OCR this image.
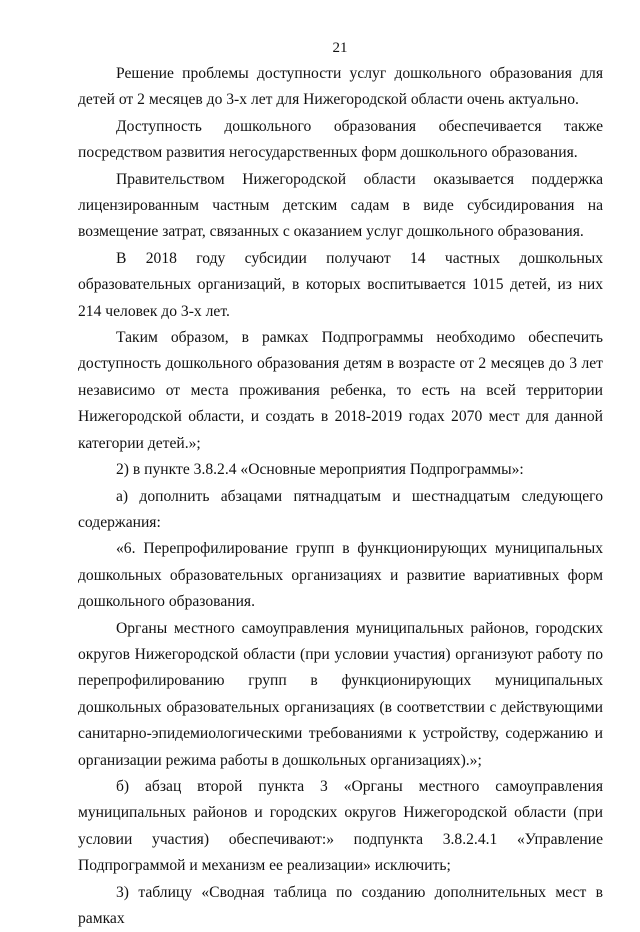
21

Решение проблемы доступности услуг дошкольного образования для детей от 2 месяцев до 3-х лет для Нижегородской области очень актуально.

Доступность дошкольного образования обеспечивается также посредством развития негосударственных форм дошкольного образования.

Правительством Нижегородской области оказывается поддержка лицензированным частным детским садам в виде субсидирования на возмещение затрат, связанных с оказанием услуг дошкольного образования.

В 2018 году субсидии получают 14 частных дошкольных образовательных организаций, в которых воспитывается 1015 детей, из них 214 человек до 3-х лет.

Таким образом, в рамках Подпрограммы необходимо обеспечить доступность дошкольного образования детям в возрасте от 2 месяцев до 3 лет независимо от места проживания ребенка, то есть на всей территории Нижегородской области, и создать в 2018-2019 годах 2070 мест для данной категории детей.»;

2) в пункте 3.8.2.4 «Основные мероприятия Подпрограммы»:

а) дополнить абзацами пятнадцатым и шестнадцатым следующего содержания:

«6. Перепрофилирование групп в функционирующих муниципальных дошкольных образовательных организациях и развитие вариативных форм дошкольного образования.

Органы местного самоуправления муниципальных районов, городских округов Нижегородской области (при условии участия) организуют работу по перепрофилированию групп в функционирующих муниципальных дошкольных образовательных организациях (в соответствии с действующими санитарно-эпидемиологическими требованиями к устройству, содержанию и организации режима работы в дошкольных организациях).»;

б) абзац второй пункта 3 «Органы местного самоуправления муниципальных районов и городских округов Нижегородской области (при условии участия) обеспечивают:» подпункта 3.8.2.4.1 «Управление Подпрограммой и механизм ее реализации» исключить;

3) таблицу «Сводная таблица по созданию дополнительных мест в рамках
